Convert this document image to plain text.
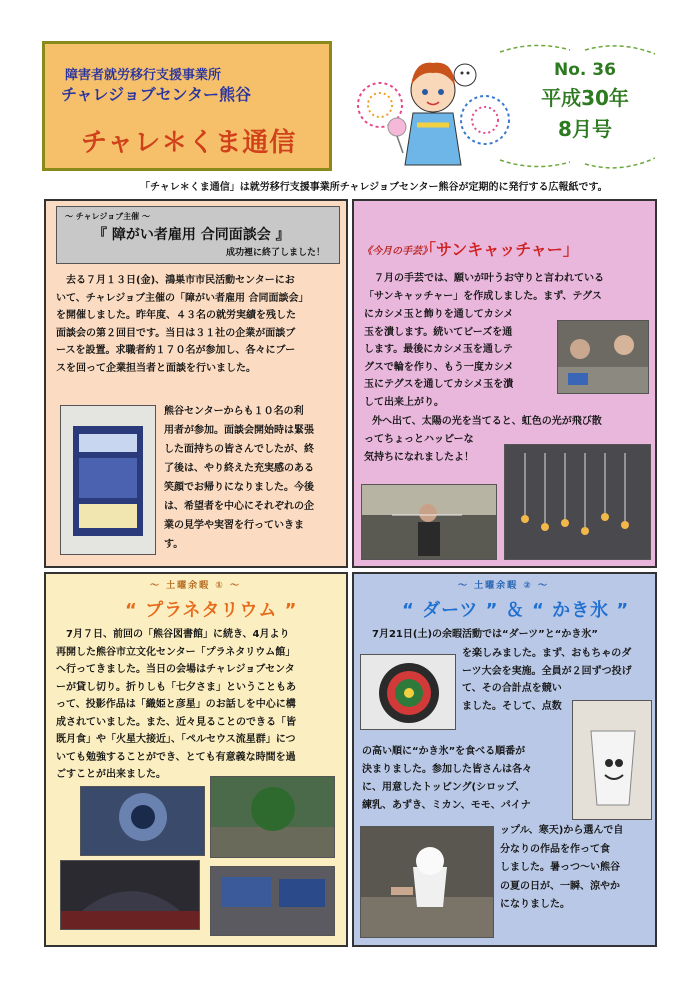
障害者就労移行支援事業所
チャレジョブセンター熊谷
チャレ＊くま通信
No. 36
平成30年
8月号
「チャレ＊くま通信」は就労移行支援事業所チャレジョブセンター熊谷が定期的に発行する広報紙です。
～ チャレジョブ主催 ～
『 障がい者雇用 合同面談会 』
成功裡に終了しました！
去る７月１３日(金)、鴻巣市市民活動センターにお
いて、チャレジョブ主催の「障がい者雇用 合同面談会」
を開催しました。昨年度、４３名の就労実績を残した
面談会の第２回目です。当日は３１社の企業が面談ブ
ースを設置。求職者約１７０名が参加し、各々にブー
スを回って企業担当者と面談を行いました。
熊谷センターからも１０名の利
用者が参加。面談会開始時は緊張
した面持ちの皆さんでしたが、終
了後は、やり終えた充実感のある
笑顔でお帰りになりました。今後
は、希望者を中心にそれぞれの企
業の見学や実習を行っていきま
す。
《今月の手芸》
「サンキャッチャー」
７月の手芸では、願いが叶うお守りと言われている
「サンキャッチャー」を作成しました。まず、テグス
にカシメ玉と飾りを通してカシメ
玉を潰します。続いてビーズを通
します。最後にカシメ玉を通しテ
グスで輪を作り、もう一度カシメ
玉にテグスを通してカシメ玉を潰
して出来上がり。
外へ出て、太陽の光を当てると、虹色の光が飛び散
ってちょっとハッピーな
気持ちになれましたよ！
～ 土曜余暇 ① ～
“ プラネタリウム ”
7月７日、前回の「熊谷図書館」に続き、4月より
再開した熊谷市立文化センター「プラネタリウム館」
へ行ってきました。当日の会場はチャレジョブセンタ
ーが貸し切り。折りしも「七夕さま」ということもあ
って、投影作品は「織姫と彦星」のお話しを中心に構
成されていました。また、近々見ることのできる「皆
既月食」や「火星大接近」、「ペルセウス流星群」につ
いても勉強することができ、とても有意義な時間を過
ごすことが出来ました。
～ 土曜余暇 ② ～
“ ダーツ ” ＆ “ かき氷 ”
7月21日(土)の余暇活動では“ダーツ”と“かき氷”
を楽しみました。まず、おもちゃのダ
ーツ大会を実施。全員が２回ずつ投げ
て、その合計点を競い
ました。そして、点数
の高い順に“かき氷”を食べる順番が
決まりました。参加した皆さんは各々
に、用意したトッピング(シロップ、
練乳、あずき、ミカン、モモ、パイナ
ップル、寒天)から選んで自
分なりの作品を作って食
しました。暑っつ～い熊谷
の夏の日が、一瞬、涼やか
になりました。
